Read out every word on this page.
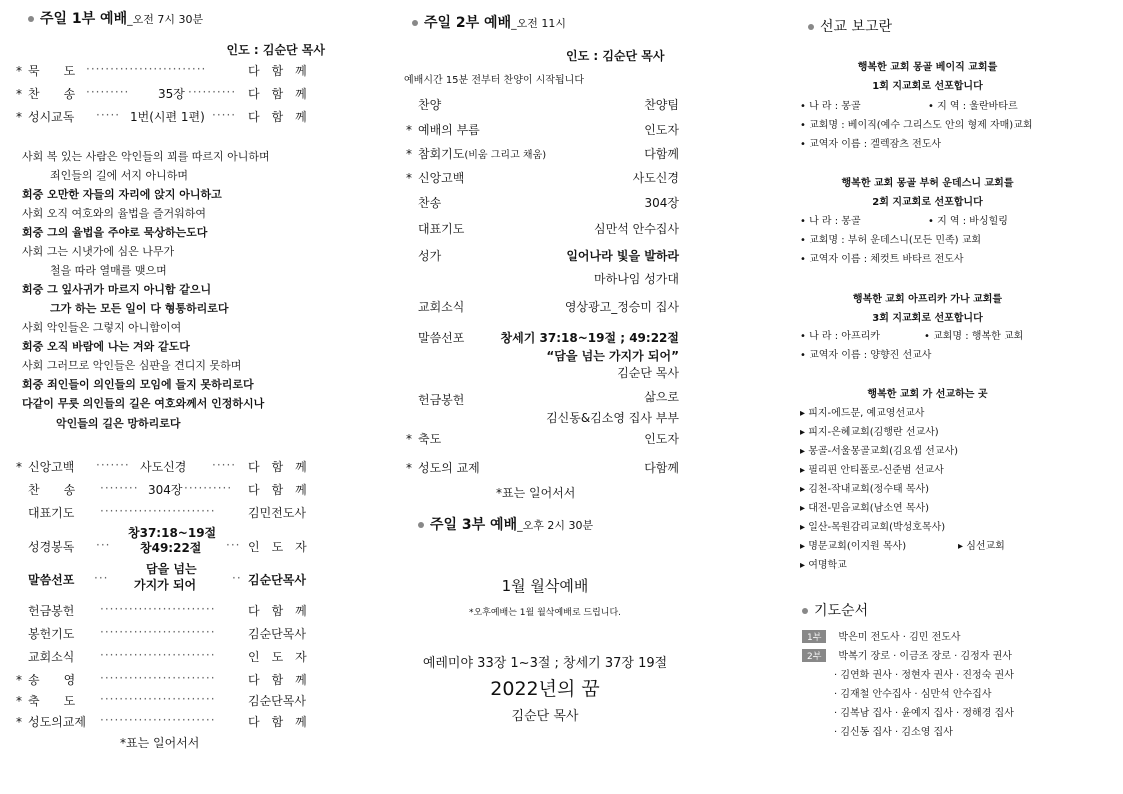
주일 1부 예배_오전 7시 30분
인도 : 김순단 목사
* 묵　　도 ·························	다　함　께
* 찬　　송 ········· 35장 ·········· 다　함　께
* 성시교독 ····· 1번(시편 1편) ····· 다　함　께
사회 복 있는 사람은 악인들의 꾀를 따르지 아니하며
죄인들의 길에 서지 아니하며
회중 오만한 자들의 자리에 앉지 아니하고
사회 오직 여호와의 율법을 즐거워하여
회중 그의 율법을 주야로 묵상하는도다
사회 그는 시냇가에 심은 나무가
철을 따라 열매를 맺으며
회중 그 잎사귀가 마르지 아니함 같으니
그가 하는 모든 일이 다 형통하리로다
사회 악인들은 그렇지 아니함이여
회중 오직 바람에 나는 겨와 같도다
사회 그러므로 악인들은 심판을 견디지 못하며
회중 죄인들이 의인들의 모임에 들지 못하리로다
다같이 무릇 의인들의 길은 여호와께서 인정하시나
악인들의 길은 망하리로다
* 신앙고백 ······· 사도신경 ····· 다　함　께
찬　　송 ········ 304장 ·········· 다　함　께
대표기도 ························	김민전도사
성경봉독 ···
창37:18~19절
창49:22절 ··· 인　도　자
말씀선포 ···
담을 넘는
가지가 되어	·· 김순단목사
헌금봉헌 ························	다　함　께
봉헌기도 ························	김순단목사
교회소식 ························	인　도　자
* 송　　영 ························	다　함　께
* 축　　도 ························	김순단목사
* 성도의교제 ························	다　함　께
*표는 일어서서
주일 2부 예배_오전 11시
인도 : 김순단 목사
예배시간 15분 전부터 찬양이 시작됩니다
찬양	찬양팀
* 예배의 부름	인도자
* 참회기도(비움 그리고 채움)	다함께
* 신앙고백	사도신경
찬송	304장
대표기도	심만석 안수집사
성가	일어나라 빛을 발하라
마하나임 성가대
교회소식	영상광고_정승미 집사
말씀선포	창세기 37:18~19절 ; 49:22절
“담을 넘는 가지가 되어”
김순단 목사
헌금봉헌	삶으로
김신동&김소영 집사 부부
* 축도	인도자
* 성도의 교제	다함께
*표는 일어서서
주일 3부 예배_오후 2시 30분
1월 월삭예배
*오후예배는 1월 월삭예배로 드립니다.
예레미야 33장 1~3절 ; 창세기 37장 19절
2022년의 꿈
김순단 목사
선교 보고란
행복한 교회 몽골 베이직 교회를
1회 지교회로 선포합니다
• 나 라 : 몽골	• 지 역 : 울란바타르
• 교회명 : 베이직(예수 그리스도 안의 형제 자매)교회
• 교역자 이름 : 겔렉잠츠 전도사
행복한 교회 몽골 부허 운데스니 교회를
2회 지교회로 선포합니다
• 나 라 : 몽골	• 지 역 : 바싱힐링
• 교회명 : 부허 운데스니(모든 민족) 교회
• 교역자 이름 : 체컷트 바타르 전도사
행복한 교회 아프리카 가나 교회를
3회 지교회로 선포합니다
• 나 라 : 아프리카	• 교회명 : 행복한 교회
• 교역자 이름 : 양향진 선교사
행복한 교회 가 선교하는 곳
▸ 피지-에드문, 예교영선교사
▸ 피지-은혜교회(김행란 선교사)
▸ 몽골-서울몽골교회(김요셉 선교사)
▸ 필리핀 안티폴로-신준범 선교사
▸ 김천-작내교회(정수태 목사)
▸ 대전-믿음교회(남소연 목사)
▸ 일산-목원감리교회(박성호목사)
▸ 명문교회(이지원 목사)	▸ 심선교회
▸ 여명학교
기도순서
1부 박은미 전도사 · 김민 전도사
2부 박복기 장로 · 이금조 장로 · 김정자 권사
· 김연화 권사 · 정현자 권사 · 진정숙 권사
· 김재철 안수집사 · 심만석 안수집사
· 김복남 집사 · 윤예지 집사 · 정해경 집사
· 김신동 집사 · 김소영 집사
